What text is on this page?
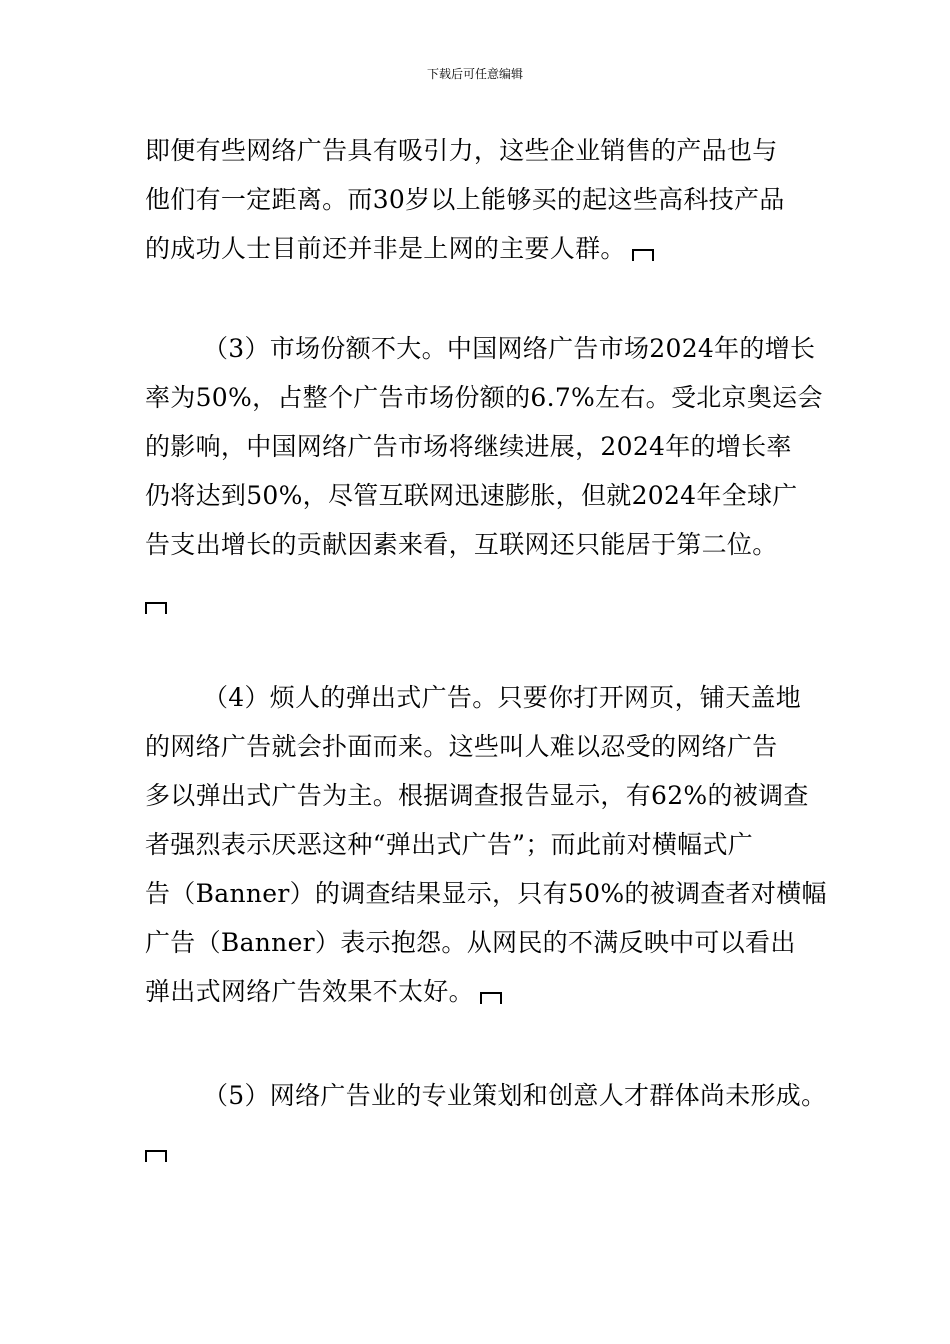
下载后可任意编辑
即便有些网络广告具有吸引力，这些企业销售的产品也与
他们有一定距离。而30岁以上能够买的起这些高科技产品
的成功人士目前还并非是上网的主要人群。
（3）市场份额不大。中国网络广告市场2024年的增长
率为50%，占整个广告市场份额的6.7%左右。受北京奥运会
的影响，中国网络广告市场将继续进展，2024年的增长率
仍将达到50%，尽管互联网迅速膨胀，但就2024年全球广
告支出增长的贡献因素来看，互联网还只能居于第二位。
（4）烦人的弹出式广告。只要你打开网页，铺天盖地
的网络广告就会扑面而来。这些叫人难以忍受的网络广告
多以弹出式广告为主。根据调查报告显示，有62%的被调查
者强烈表示厌恶这种“弹出式广告”；而此前对横幅式广
告（Banner）的调查结果显示，只有50%的被调查者对横幅
广告（Banner）表示抱怨。从网民的不满反映中可以看出
弹出式网络广告效果不太好。
（5）网络广告业的专业策划和创意人才群体尚未形成。
